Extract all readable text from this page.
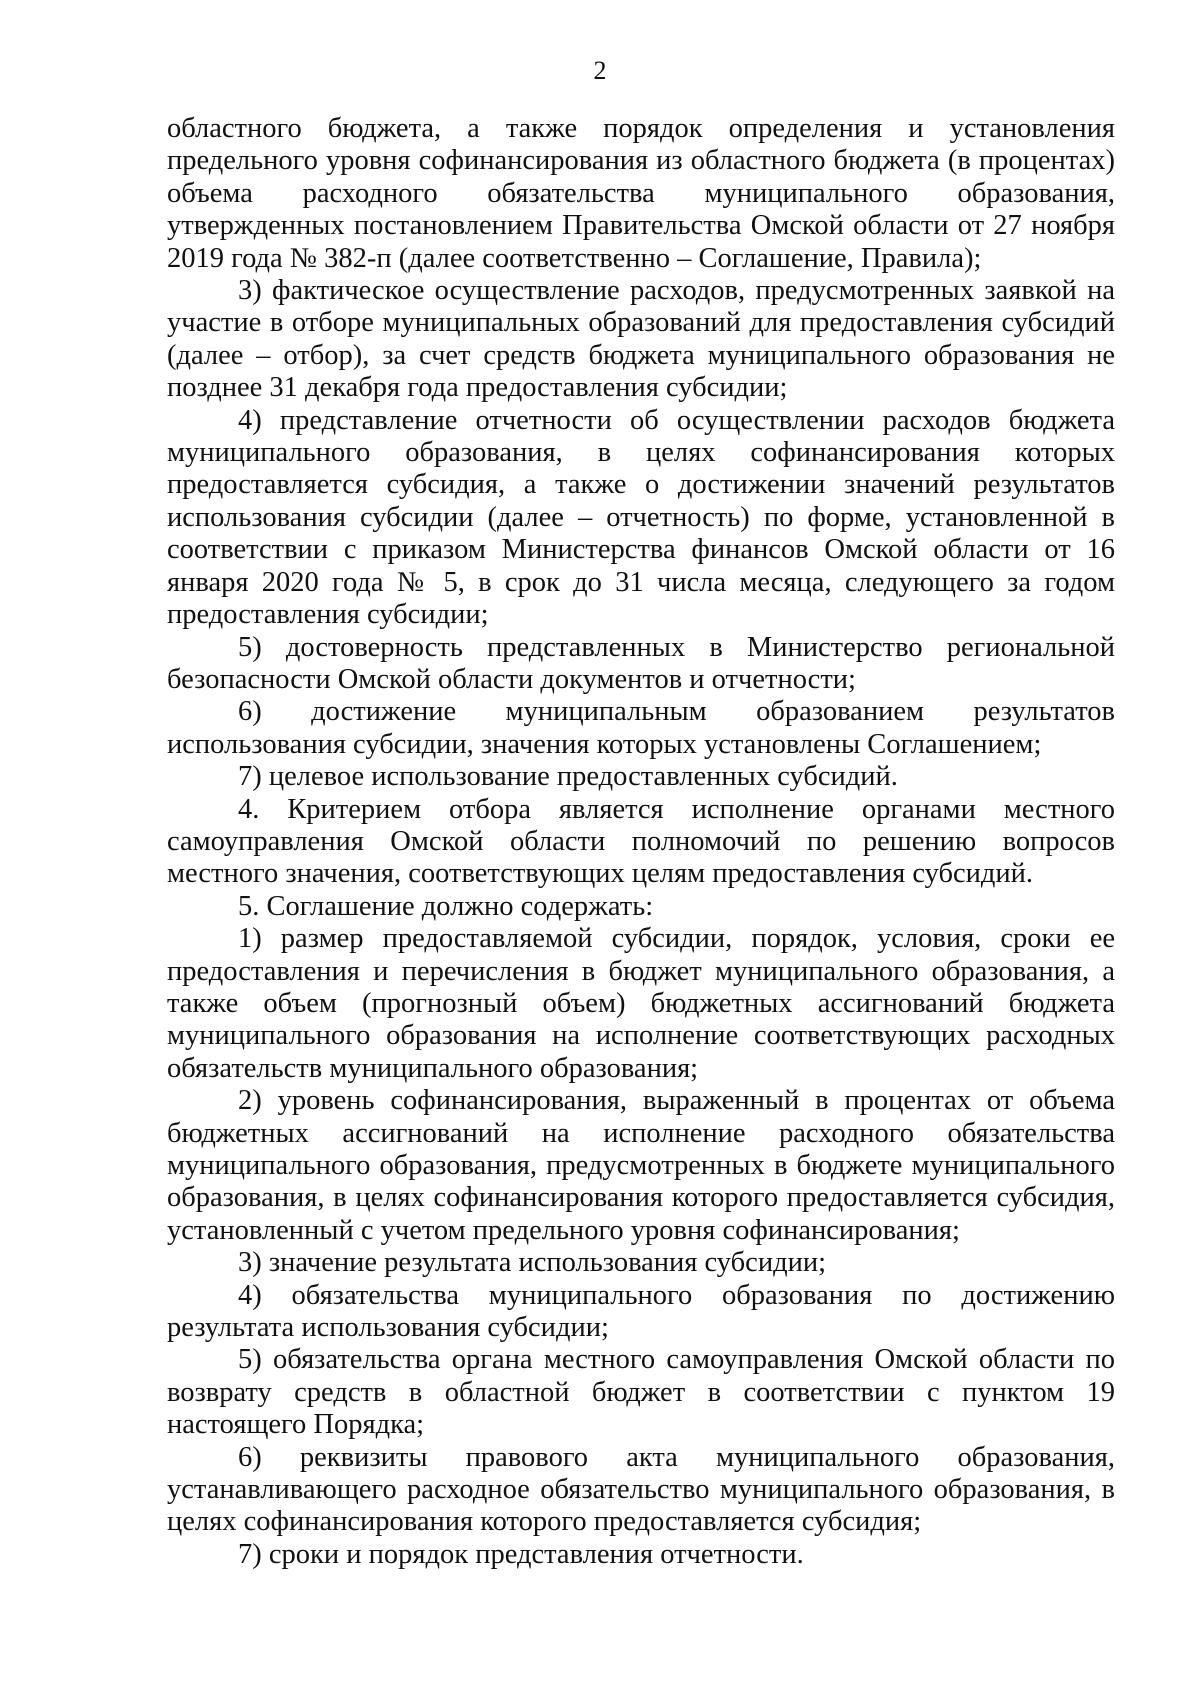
2

областного бюджета, а также порядок определения и установления предельного уровня софинансирования из областного бюджета (в процентах) объема расходного обязательства муниципального образования, утвержденных постановлением Правительства Омской области от 27 ноября 2019 года № 382-п (далее соответственно – Соглашение, Правила);

3) фактическое осуществление расходов, предусмотренных заявкой на участие в отборе муниципальных образований для предоставления субсидий (далее – отбор), за счет средств бюджета муниципального образования не позднее 31 декабря года предоставления субсидии;

4) представление отчетности об осуществлении расходов бюджета муниципального образования, в целях софинансирования которых предоставляется субсидия, а также о достижении значений результатов использования субсидии (далее – отчетность) по форме, установленной в соответствии с приказом Министерства финансов Омской области от 16 января 2020 года № 5, в срок до 31 числа месяца, следующего за годом предоставления субсидии;

5) достоверность представленных в Министерство региональной безопасности Омской области документов и отчетности;

6) достижение муниципальным образованием результатов использования субсидии, значения которых установлены Соглашением;

7) целевое использование предоставленных субсидий.

4. Критерием отбора является исполнение органами местного самоуправления Омской области полномочий по решению вопросов местного значения, соответствующих целям предоставления субсидий.

5. Соглашение должно содержать:

1) размер предоставляемой субсидии, порядок, условия, сроки ее предоставления и перечисления в бюджет муниципального образования, а также объем (прогнозный объем) бюджетных ассигнований бюджета муниципального образования на исполнение соответствующих расходных обязательств муниципального образования;

2) уровень софинансирования, выраженный в процентах от объема бюджетных ассигнований на исполнение расходного обязательства муниципального образования, предусмотренных в бюджете муниципального образования, в целях софинансирования которого предоставляется субсидия, установленный с учетом предельного уровня софинансирования;

3) значение результата использования субсидии;

4) обязательства муниципального образования по достижению результата использования субсидии;

5) обязательства органа местного самоуправления Омской области по возврату средств в областной бюджет в соответствии с пунктом 19 настоящего Порядка;

6) реквизиты правового акта муниципального образования, устанавливающего расходное обязательство муниципального образования, в целях софинансирования которого предоставляется субсидия;

7) сроки и порядок представления отчетности.
